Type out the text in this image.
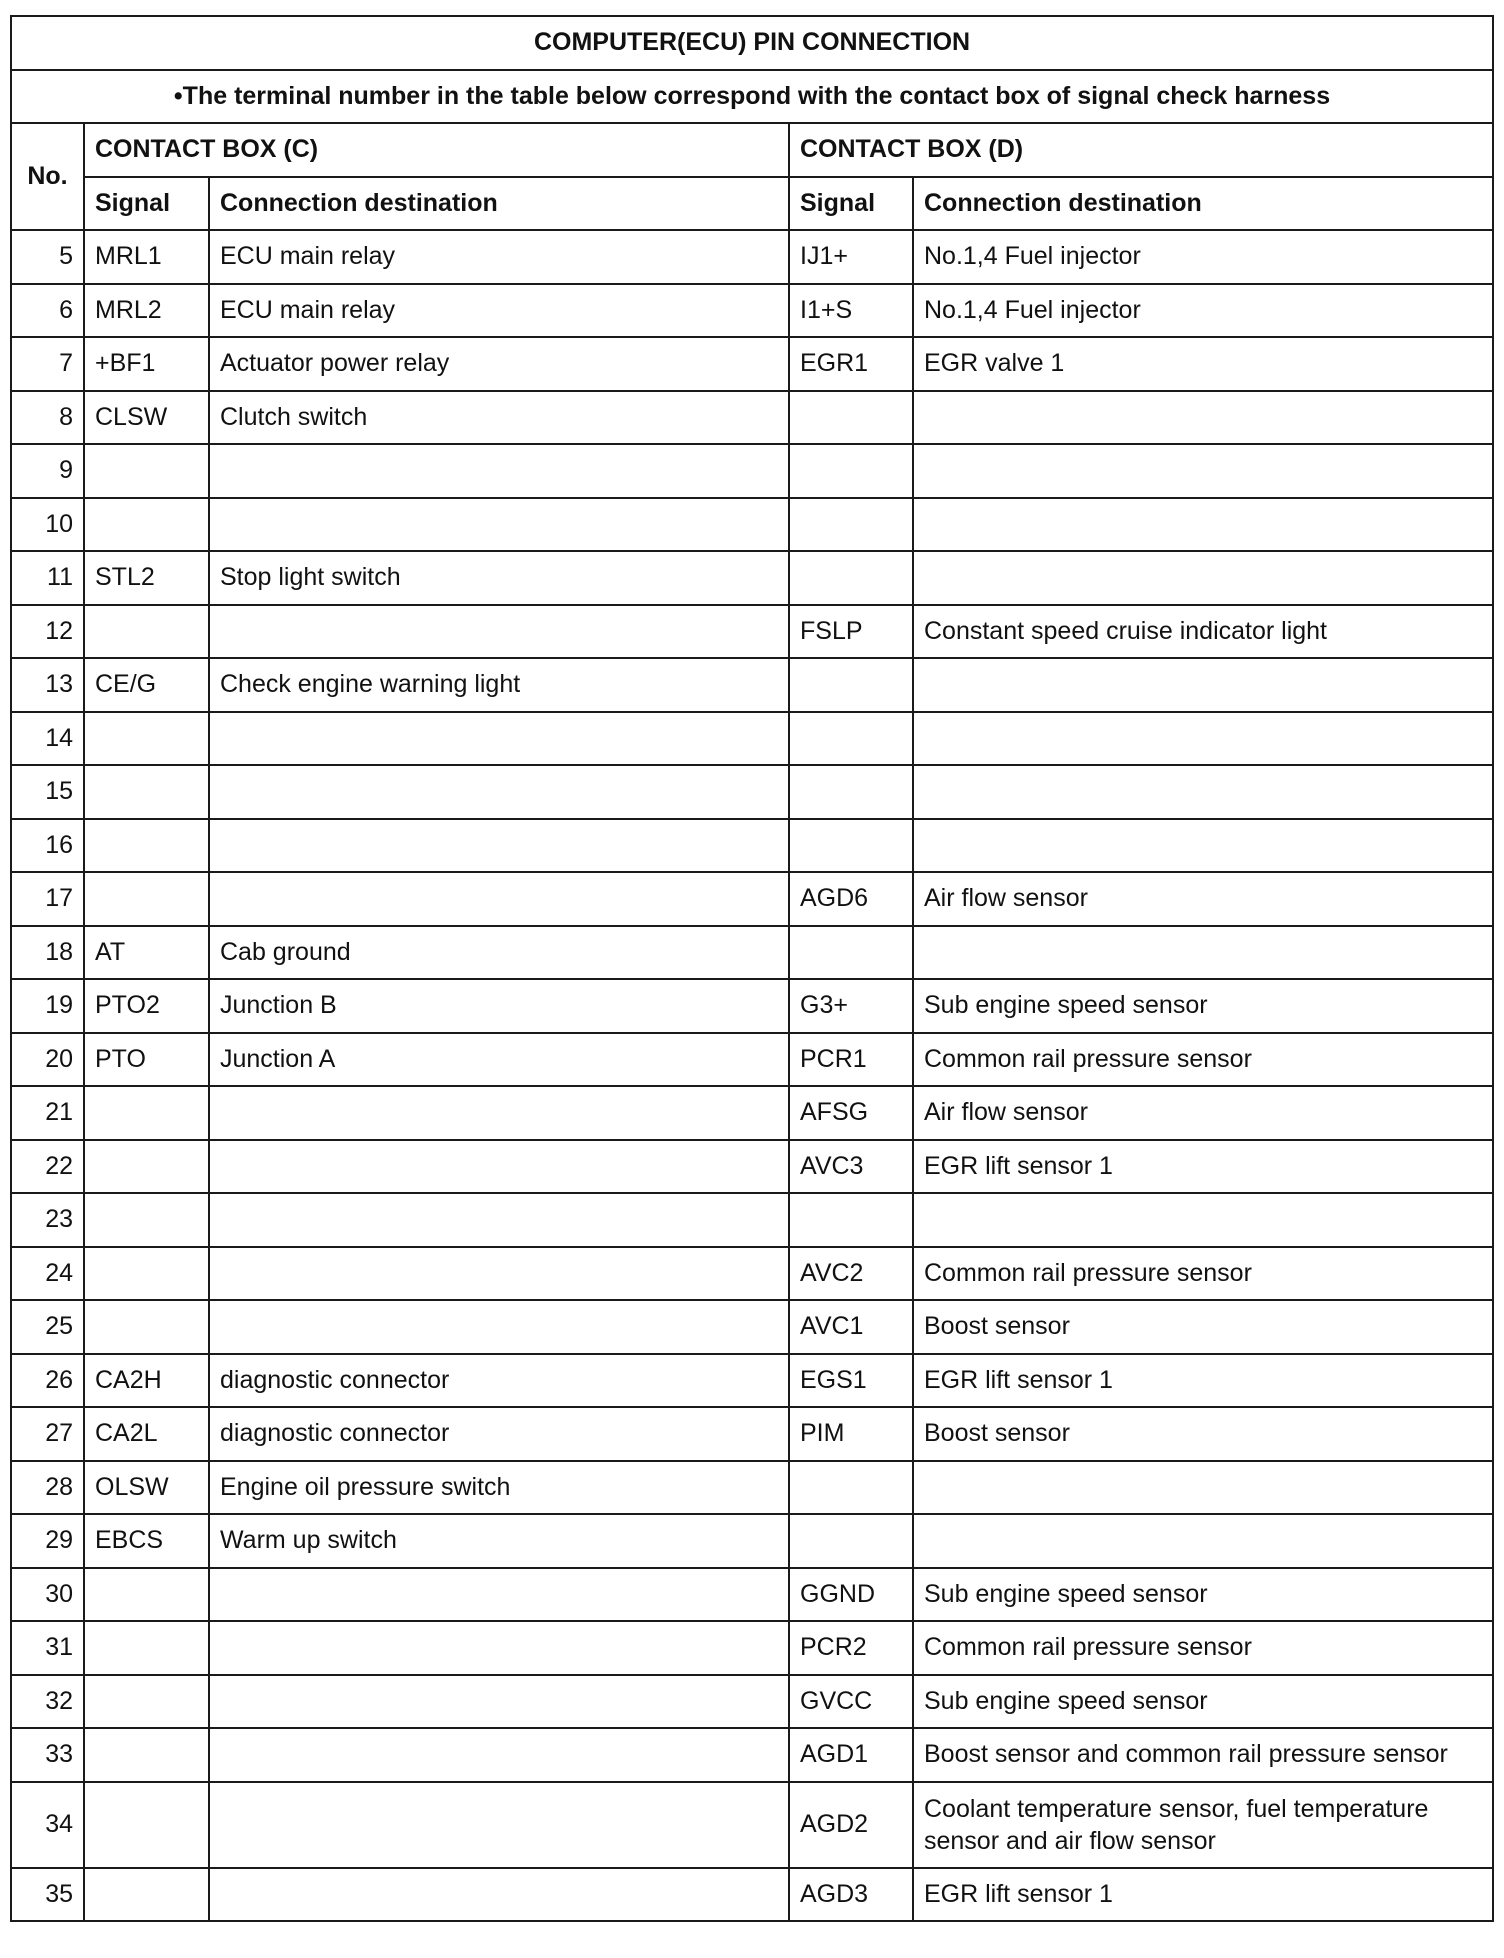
COMPUTER(ECU) PIN CONNECTION				
•The terminal number in the table below correspond with the contact box of signal check harness				
No.	CONTACT BOX (C)		CONTACT BOX (D)	
	Signal	Connection destination	Signal	Connection destination
5	MRL1	ECU main relay	IJ1+	No.1,4 Fuel injector
6	MRL2	ECU main relay	I1+S	No.1,4 Fuel injector
7	+BF1	Actuator power relay	EGR1	EGR valve 1
8	CLSW	Clutch switch		
9				
10				
11	STL2	Stop light switch		
12			FSLP	Constant speed cruise indicator light
13	CE/G	Check engine warning light		
14				
15				
16				
17			AGD6	Air flow sensor
18	AT	Cab ground		
19	PTO2	Junction B	G3+	Sub engine speed sensor
20	PTO	Junction A	PCR1	Common rail pressure sensor
21			AFSG	Air flow sensor
22			AVC3	EGR lift sensor 1
23				
24			AVC2	Common rail pressure sensor
25			AVC1	Boost sensor
26	CA2H	diagnostic connector	EGS1	EGR lift sensor 1
27	CA2L	diagnostic connector	PIM	Boost sensor
28	OLSW	Engine oil pressure switch		
29	EBCS	Warm up switch		
30			GGND	Sub engine speed sensor
31			PCR2	Common rail pressure sensor
32			GVCC	Sub engine speed sensor
33			AGD1	Boost sensor and common rail pressure sensor
34			AGD2	Coolant temperature sensor, fuel temperature sensor and air flow sensor
35			AGD3	EGR lift sensor 1
